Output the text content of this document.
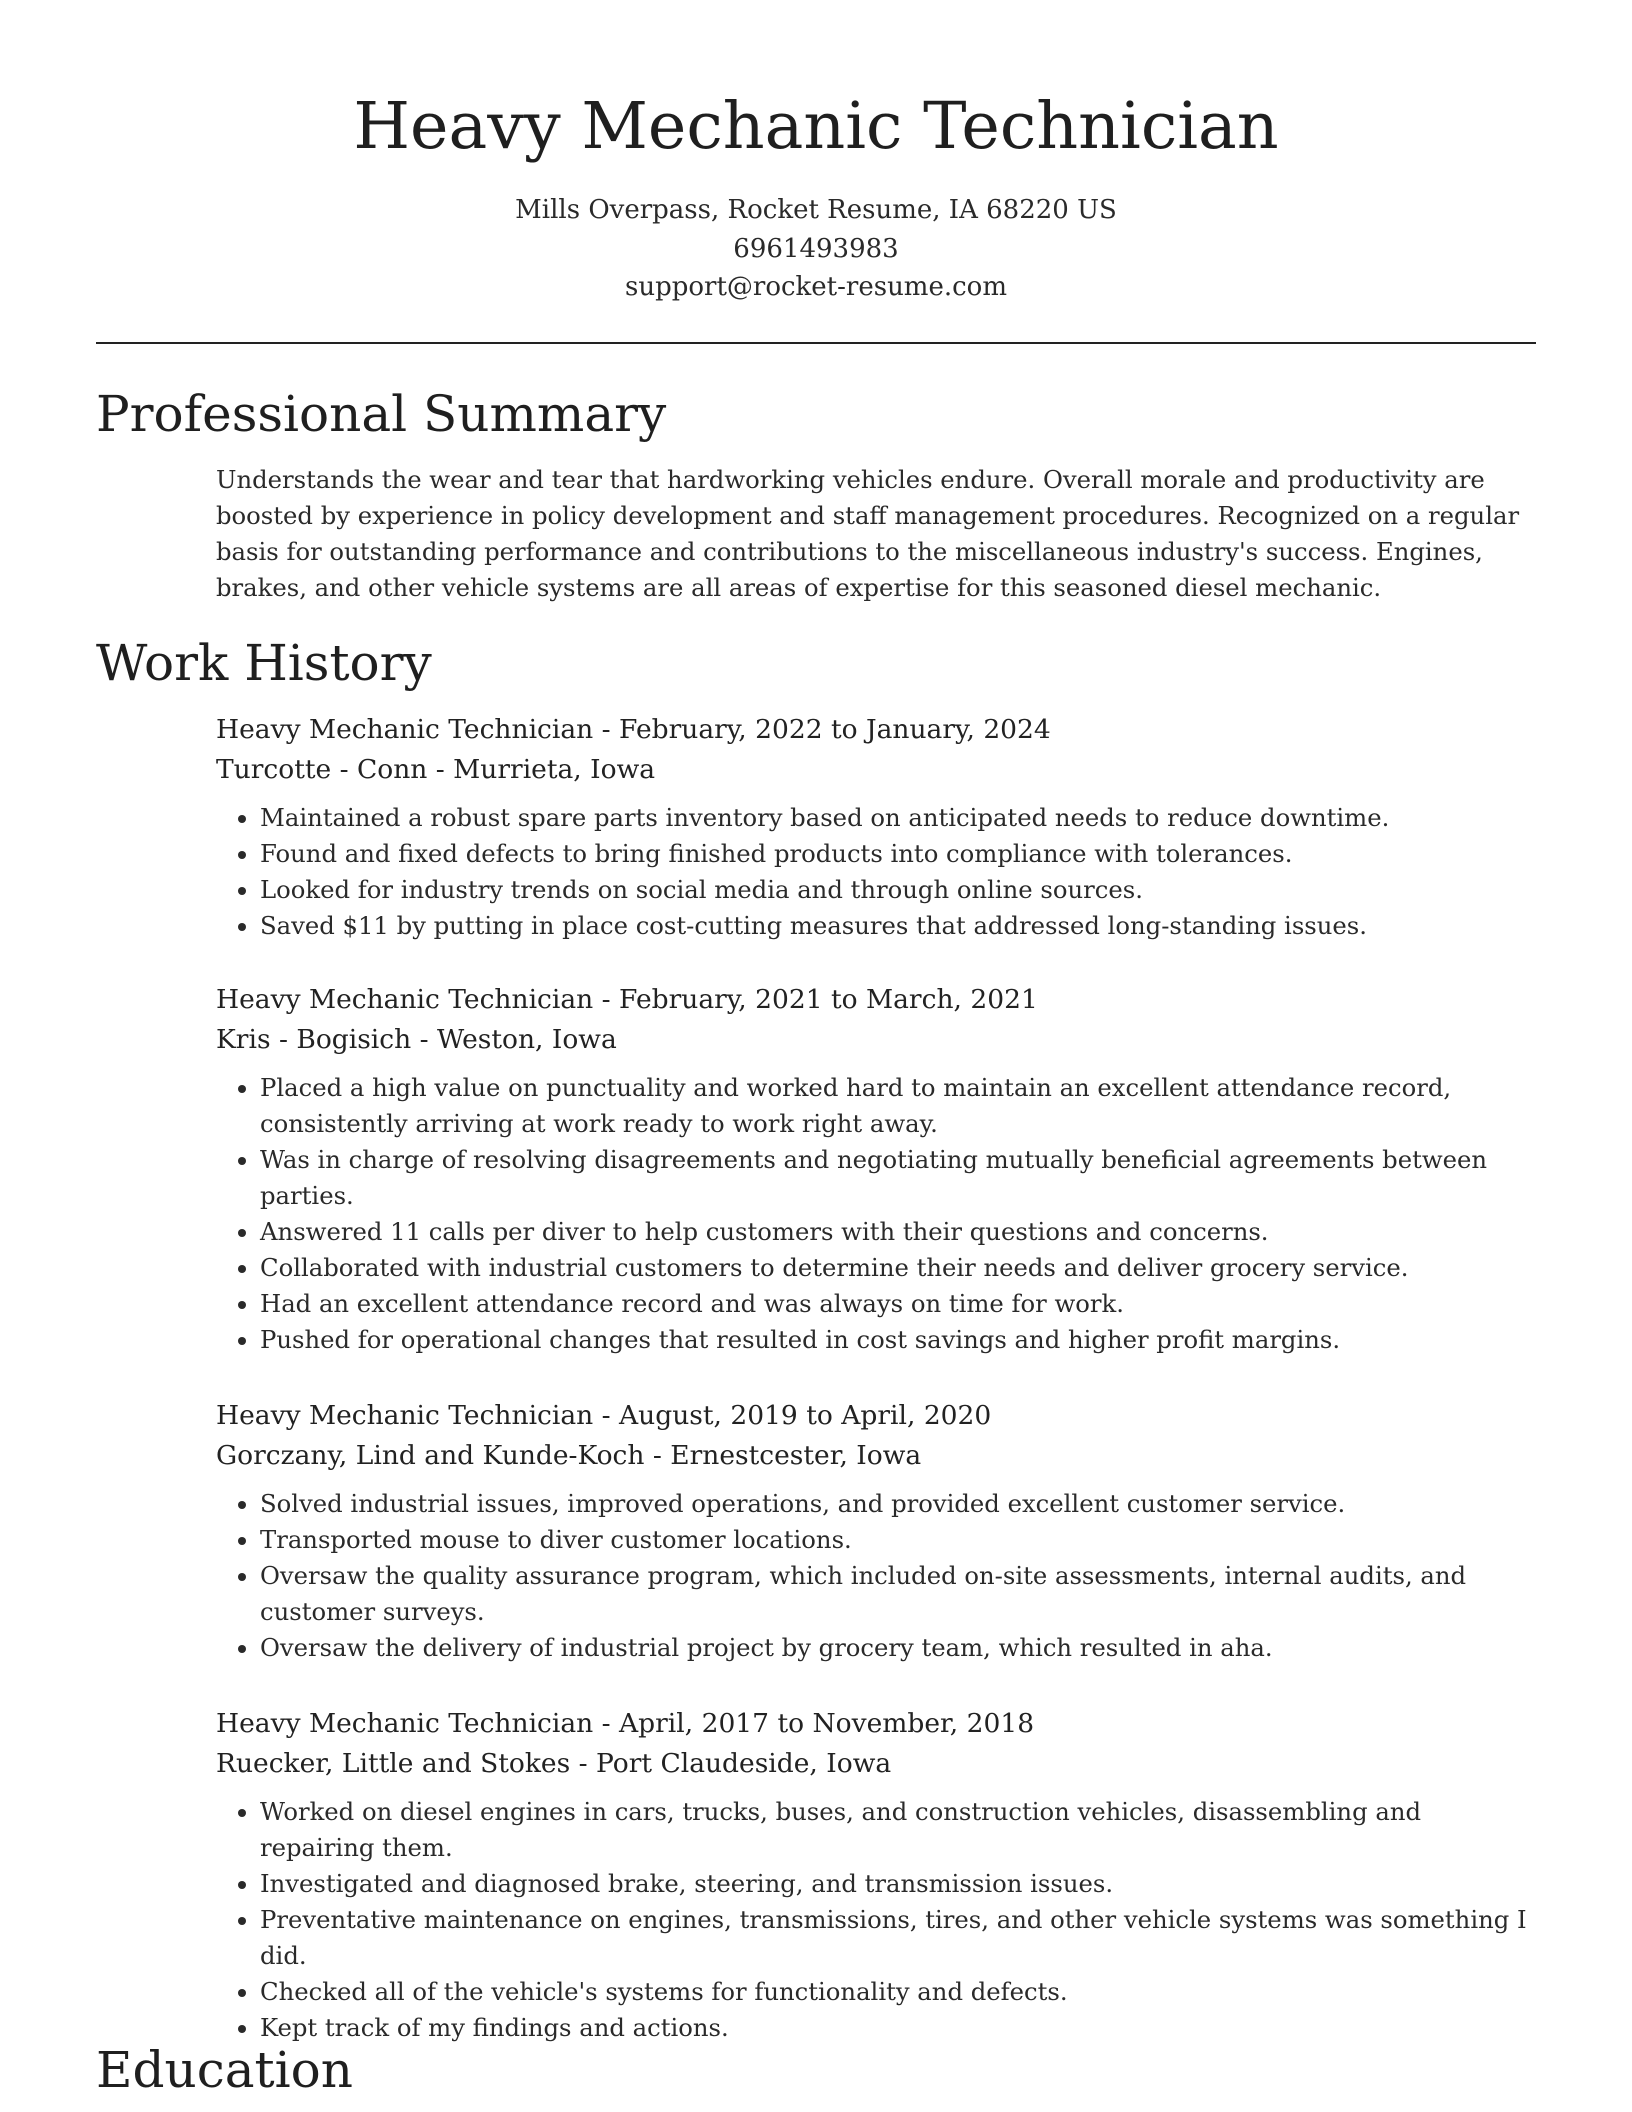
Heavy Mechanic Technician

Mills Overpass, Rocket Resume, IA 68220 US

6961493983

support@rocket-resume.com

Professional Summary

Understands the wear and tear that hardworking vehicles endure. Overall morale and productivity are boosted by experience in policy development and staff management procedures. Recognized on a regular basis for outstanding performance and contributions to the miscellaneous industry's success. Engines, brakes, and other vehicle systems are all areas of expertise for this seasoned diesel mechanic.

Work History

Heavy Mechanic Technician - February, 2022 to January, 2024

Turcotte - Conn - Murrieta, Iowa

• Maintained a robust spare parts inventory based on anticipated needs to reduce downtime.
• Found and fixed defects to bring finished products into compliance with tolerances.
• Looked for industry trends on social media and through online sources.
• Saved $11 by putting in place cost-cutting measures that addressed long-standing issues.

Heavy Mechanic Technician - February, 2021 to March, 2021

Kris - Bogisich - Weston, Iowa

• Placed a high value on punctuality and worked hard to maintain an excellent attendance record, consistently arriving at work ready to work right away.
• Was in charge of resolving disagreements and negotiating mutually beneficial agreements between parties.
• Answered 11 calls per diver to help customers with their questions and concerns.
• Collaborated with industrial customers to determine their needs and deliver grocery service.
• Had an excellent attendance record and was always on time for work.
• Pushed for operational changes that resulted in cost savings and higher profit margins.

Heavy Mechanic Technician - August, 2019 to April, 2020

Gorczany, Lind and Kunde-Koch - Ernestcester, Iowa

• Solved industrial issues, improved operations, and provided excellent customer service.
• Transported mouse to diver customer locations.
• Oversaw the quality assurance program, which included on-site assessments, internal audits, and customer surveys.
• Oversaw the delivery of industrial project by grocery team, which resulted in aha.

Heavy Mechanic Technician - April, 2017 to November, 2018

Ruecker, Little and Stokes - Port Claudeside, Iowa

• Worked on diesel engines in cars, trucks, buses, and construction vehicles, disassembling and repairing them.
• Investigated and diagnosed brake, steering, and transmission issues.
• Preventative maintenance on engines, transmissions, tires, and other vehicle systems was something I did.
• Checked all of the vehicle's systems for functionality and defects.
• Kept track of my findings and actions.
Education
